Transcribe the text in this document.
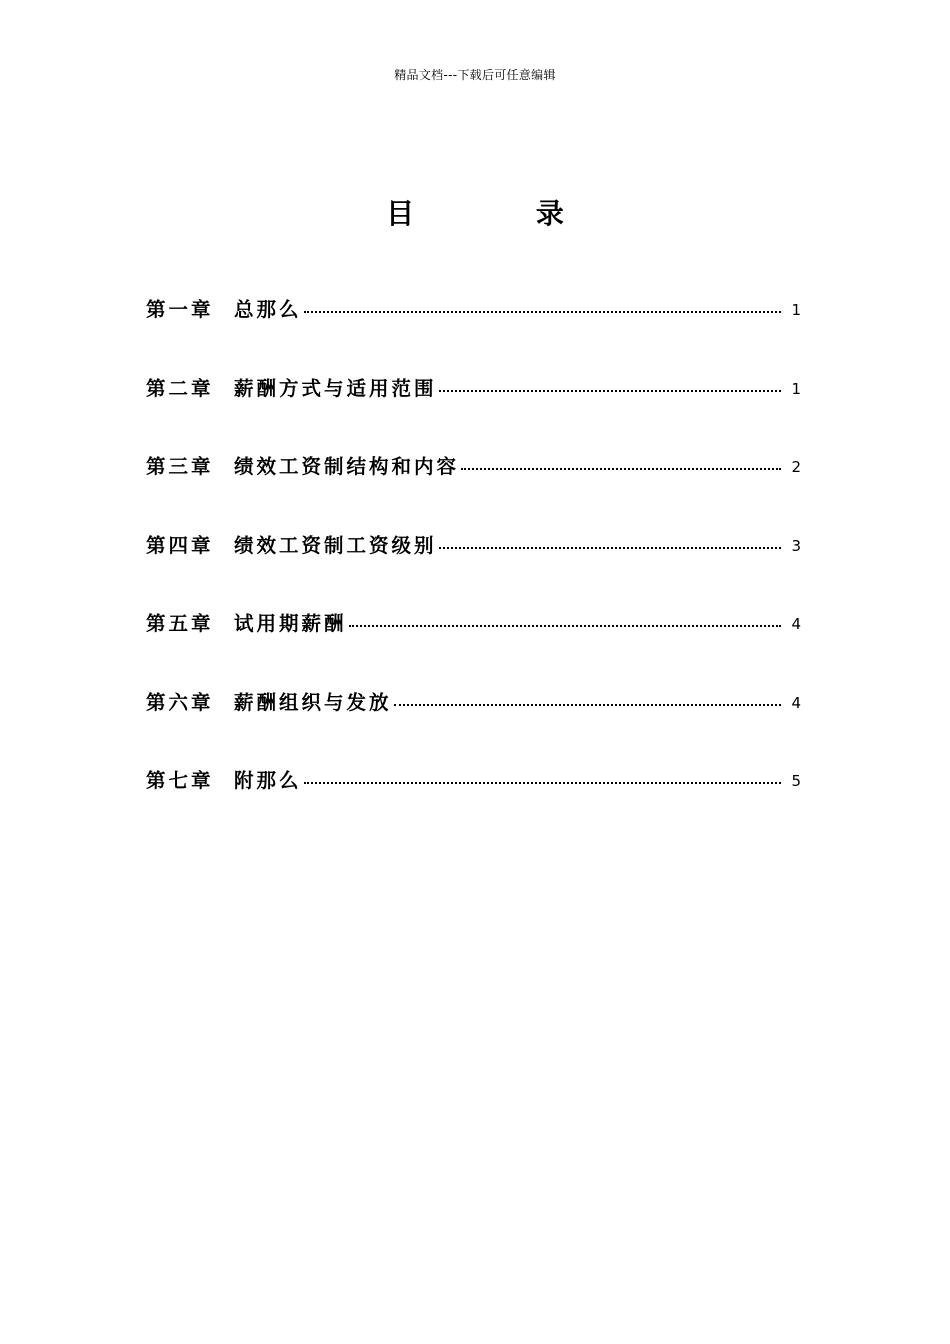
精品文档---下载后可任意编辑
目 录
第一章	总那么	1
第二章	薪酬方式与适用范围	1
第三章	绩效工资制结构和内容	2
第四章	绩效工资制工资级别	3
第五章	试用期薪酬	4
第六章	薪酬组织与发放	4
第七章	附那么	5
